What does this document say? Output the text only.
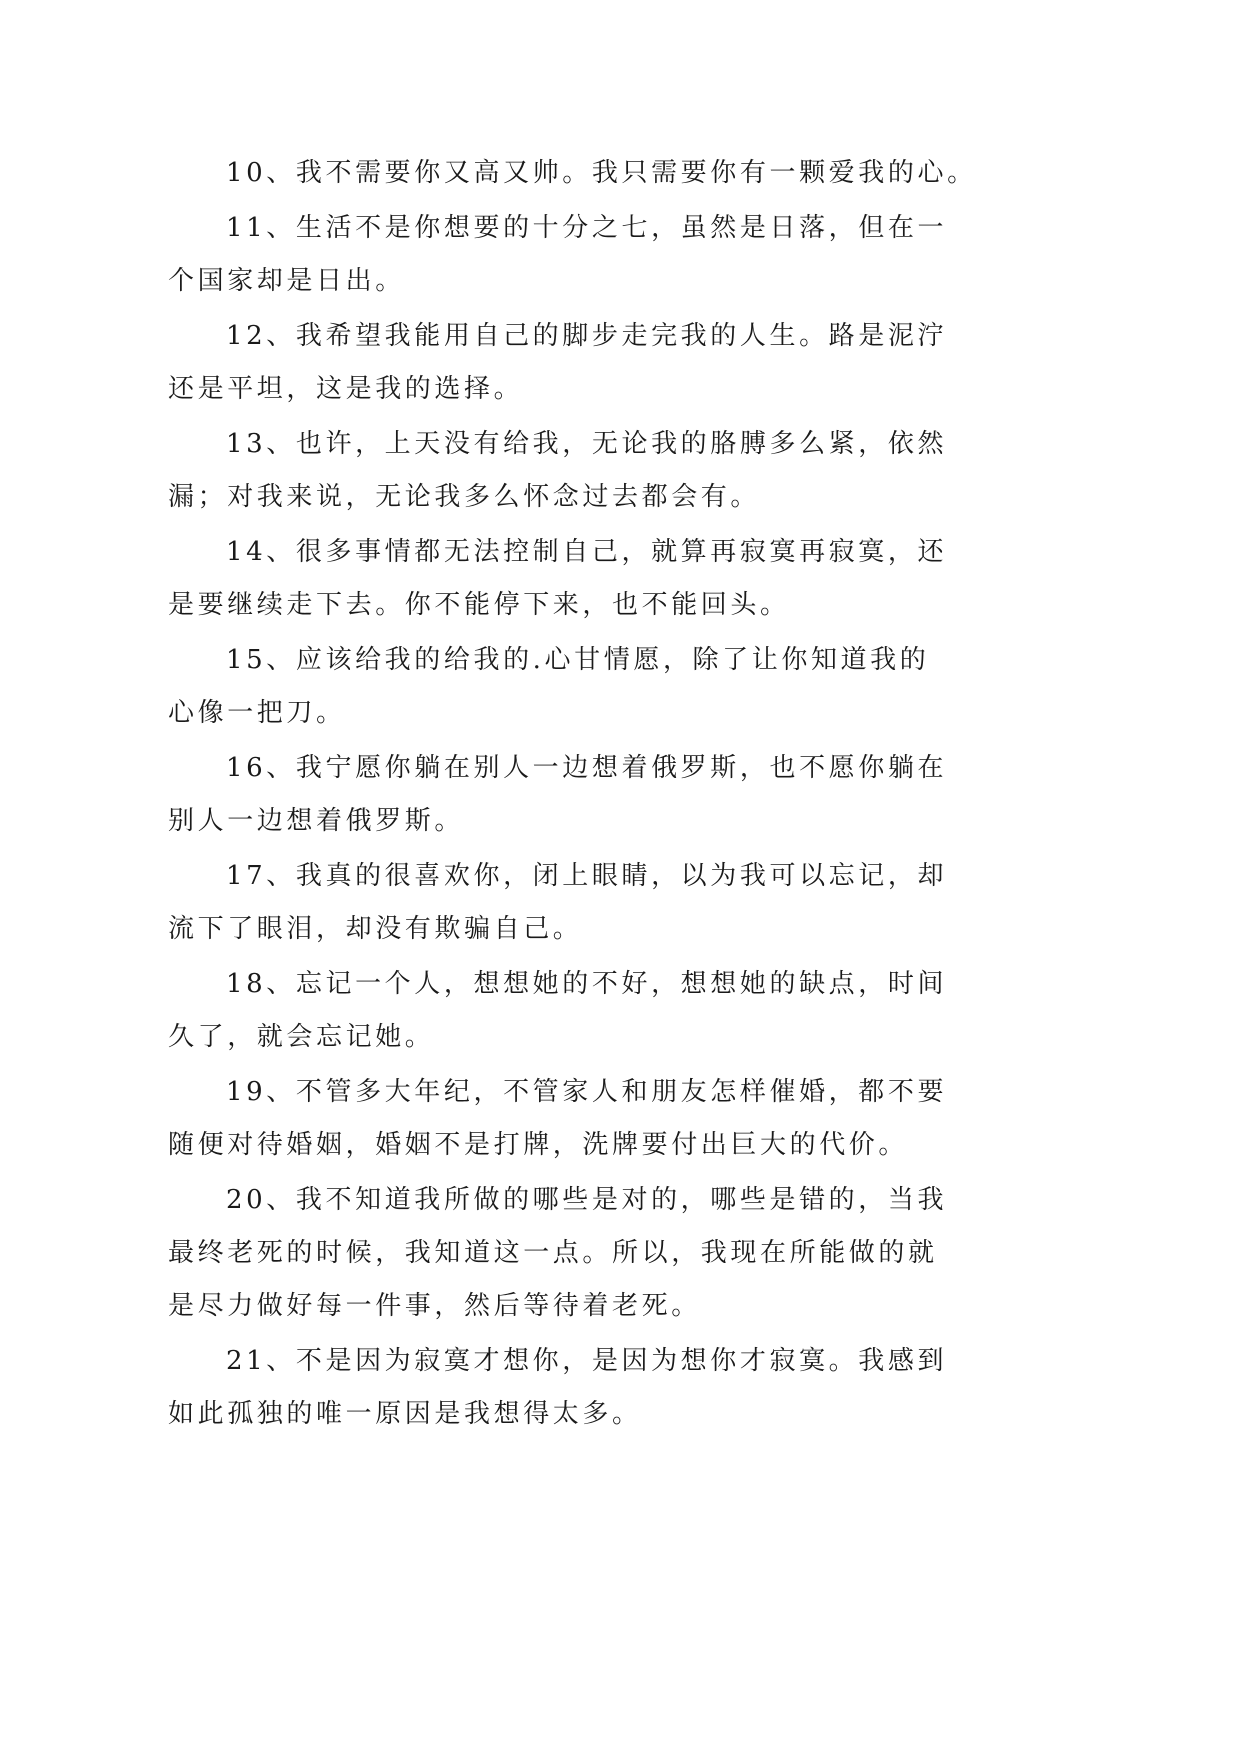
10、我不需要你又高又帅。我只需要你有一颗爱我的心。

11、生活不是你想要的十分之七，虽然是日落，但在一
个国家却是日出。

12、我希望我能用自己的脚步走完我的人生。路是泥泞
还是平坦，这是我的选择。

13、也许，上天没有给我，无论我的胳膊多么紧，依然
漏；对我来说，无论我多么怀念过去都会有。

14、很多事情都无法控制自己，就算再寂寞再寂寞，还
是要继续走下去。你不能停下来，也不能回头。

15、应该给我的给我的.心甘情愿，除了让你知道我的
心像一把刀。

16、我宁愿你躺在别人一边想着俄罗斯，也不愿你躺在
别人一边想着俄罗斯。

17、我真的很喜欢你，闭上眼睛，以为我可以忘记，却
流下了眼泪，却没有欺骗自己。

18、忘记一个人，想想她的不好，想想她的缺点，时间
久了，就会忘记她。

19、不管多大年纪，不管家人和朋友怎样催婚，都不要
随便对待婚姻，婚姻不是打牌，洗牌要付出巨大的代价。

20、我不知道我所做的哪些是对的，哪些是错的，当我
最终老死的时候，我知道这一点。所以，我现在所能做的就
是尽力做好每一件事，然后等待着老死。

21、不是因为寂寞才想你，是因为想你才寂寞。我感到
如此孤独的唯一原因是我想得太多。
